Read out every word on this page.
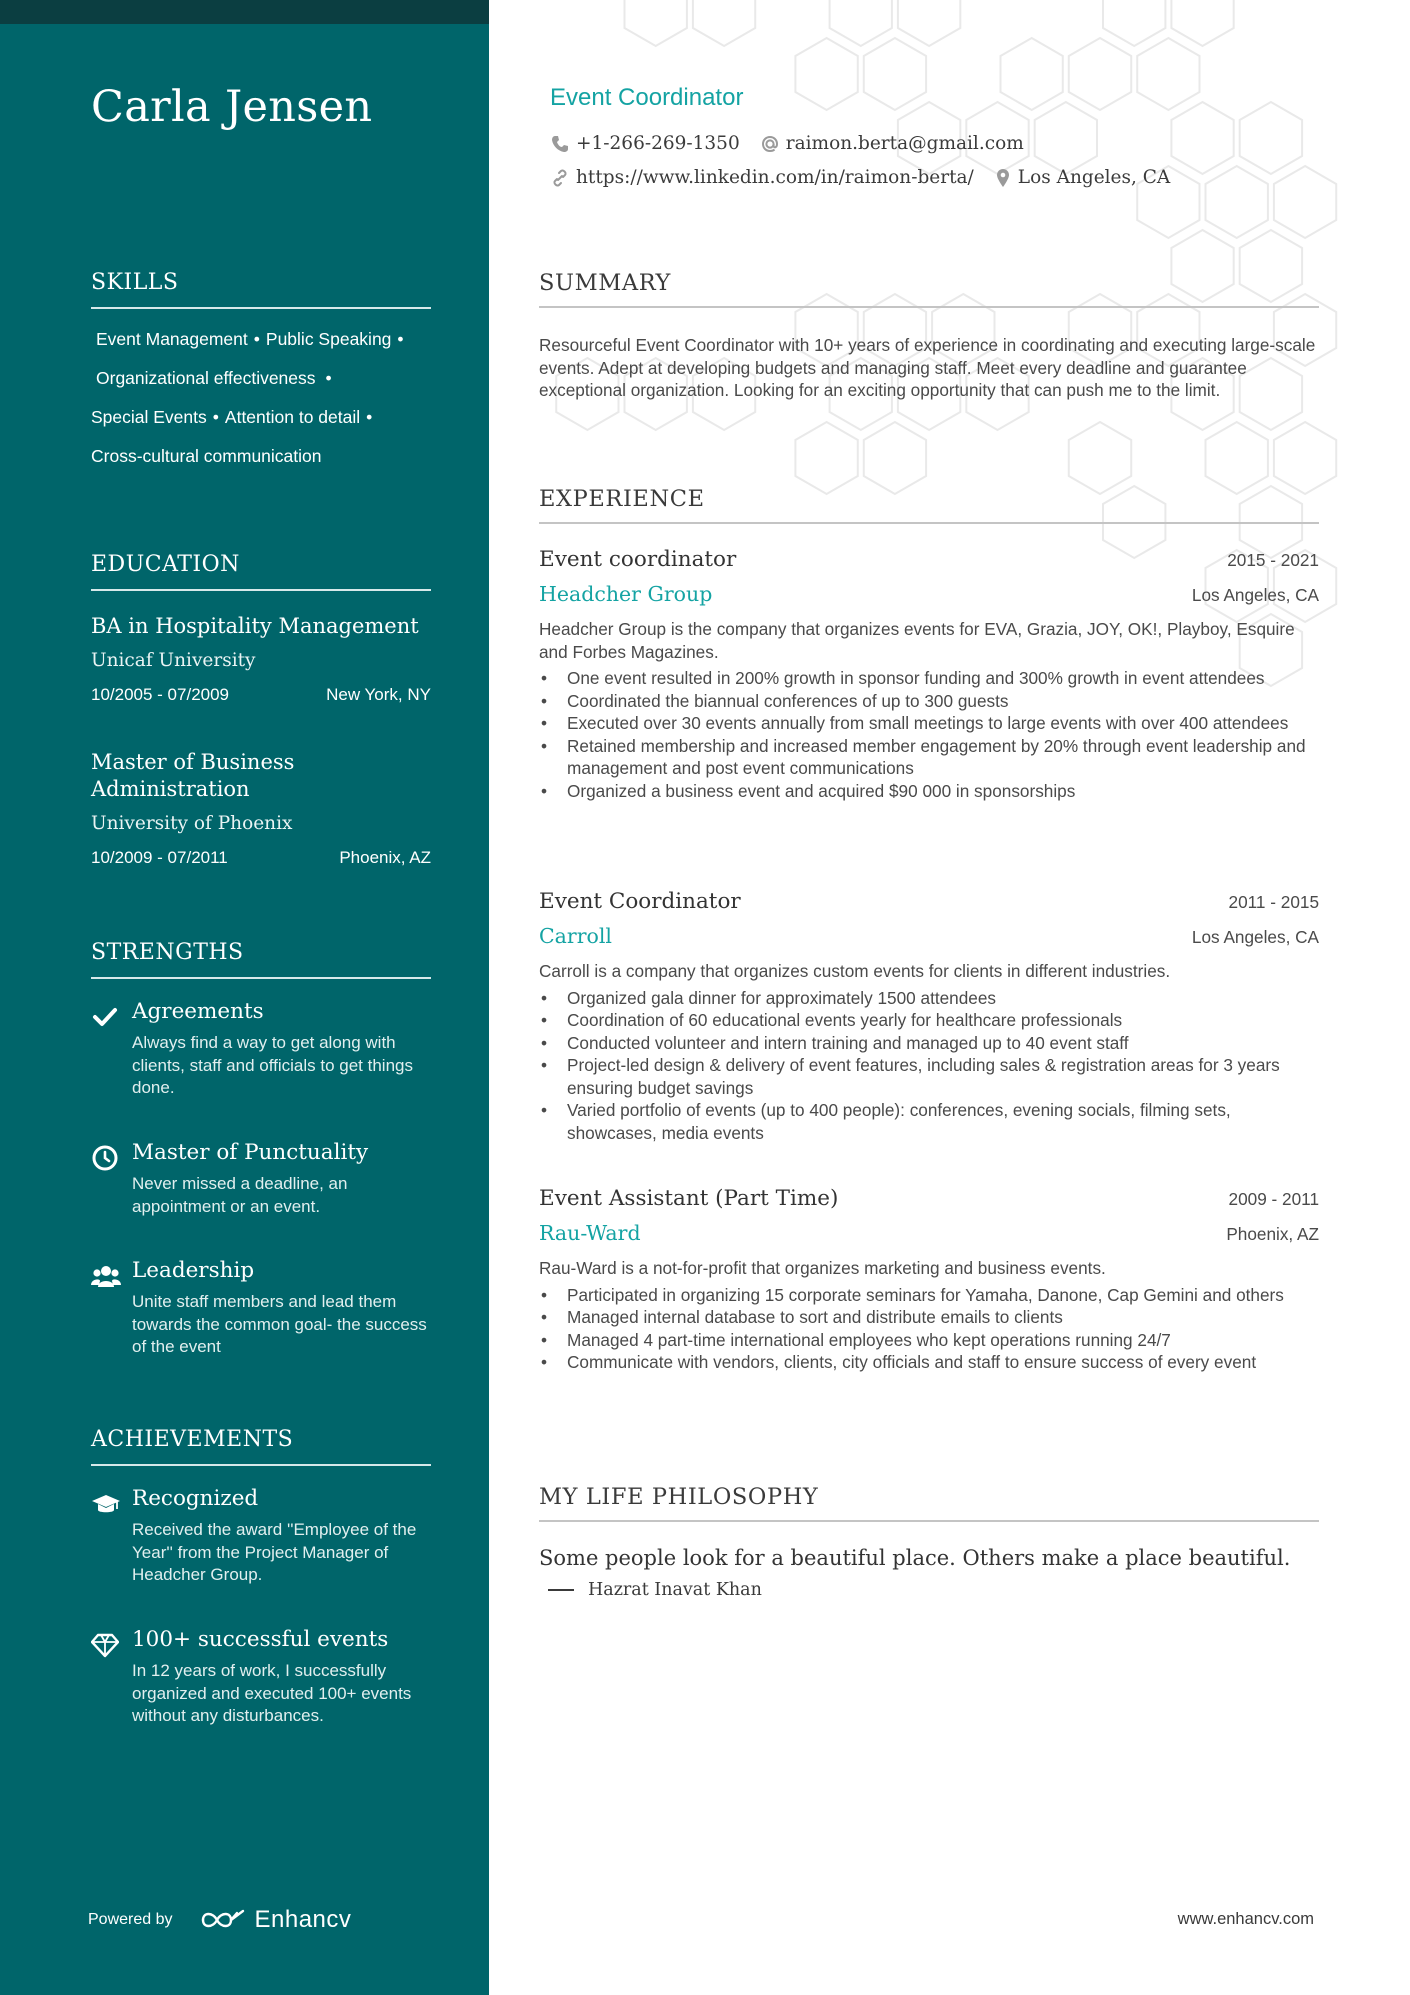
Carla Jensen
SKILLS
Event Management • Public Speaking •
Organizational effectiveness •
Special Events • Attention to detail •
Cross-cultural communication
EDUCATION
BA in Hospitality Management
Unicaf University
10/2005 - 07/2009	New York, NY
Master of Business Administration
University of Phoenix
10/2009 - 07/2011	Phoenix, AZ
STRENGTHS
Agreements
Always find a way to get along with clients, staff and officials to get things done.
Master of Punctuality
Never missed a deadline, an appointment or an event.
Leadership
Unite staff members and lead them towards the common goal- the success of the event
ACHIEVEMENTS
Recognized
Received the award ''Employee of the Year'' from the Project Manager of Headcher Group.
100+ successful events
In 12 years of work, I successfully organized and executed 100+ events without any disturbances.
Powered by	Enhancv
Event Coordinator
+1-266-269-1350 raimon.berta@gmail.com
https://www.linkedin.com/in/raimon-berta/ Los Angeles, CA
SUMMARY
Resourceful Event Coordinator with 10+ years of experience in coordinating and executing large-scale events. Adept at developing budgets and managing staff. Meet every deadline and guarantee exceptional organization. Looking for an exciting opportunity that can push me to the limit.
EXPERIENCE
Event coordinator	2015 - 2021
Headcher Group	Los Angeles, CA
Headcher Group is the company that organizes events for EVA, Grazia, JOY, OK!, Playboy, Esquire and Forbes Magazines.
• One event resulted in 200% growth in sponsor funding and 300% growth in event attendees
• Coordinated the biannual conferences of up to 300 guests
• Executed over 30 events annually from small meetings to large events with over 400 attendees
• Retained membership and increased member engagement by 20% through event leadership and management and post event communications
• Organized a business event and acquired $90 000 in sponsorships
Event Coordinator	2011 - 2015
Carroll	Los Angeles, CA
Carroll is a company that organizes custom events for clients in different industries.
• Organized gala dinner for approximately 1500 attendees
• Coordination of 60 educational events yearly for healthcare professionals
• Conducted volunteer and intern training and managed up to 40 event staff
• Project-led design & delivery of event features, including sales & registration areas for 3 years ensuring budget savings
• Varied portfolio of events (up to 400 people): conferences, evening socials, filming sets, showcases, media events
Event Assistant (Part Time)	2009 - 2011
Rau-Ward	Phoenix, AZ
Rau-Ward is a not-for-profit that organizes marketing and business events.
• Participated in organizing 15 corporate seminars for Yamaha, Danone, Cap Gemini and others
• Managed internal database to sort and distribute emails to clients
• Managed 4 part-time international employees who kept operations running 24/7
• Communicate with vendors, clients, city officials and staff to ensure success of every event
MY LIFE PHILOSOPHY
Some people look for a beautiful place. Others make a place beautiful.
Hazrat Inavat Khan
www.enhancv.com
